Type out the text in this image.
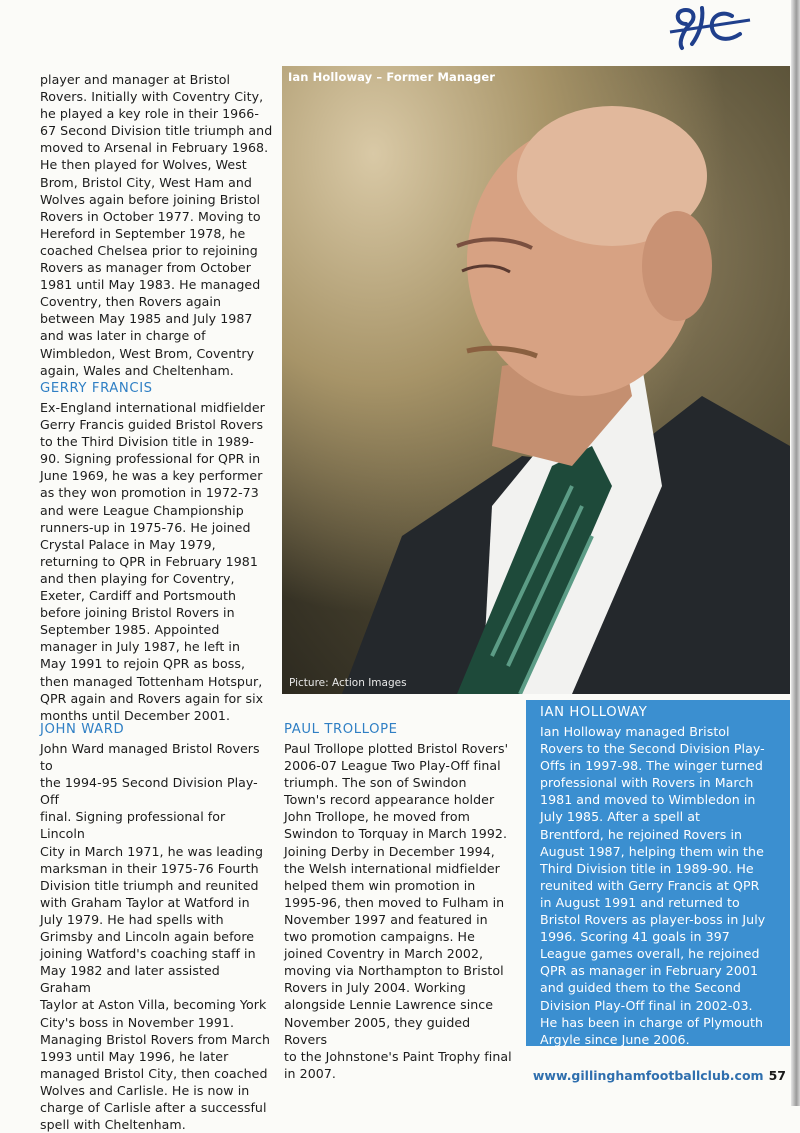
player and manager at Bristol
Rovers. Initially with Coventry City,
he played a key role in their 1966-
67 Second Division title triumph and
moved to Arsenal in February 1968.
He then played for Wolves, West
Brom, Bristol City, West Ham and
Wolves again before joining Bristol
Rovers in October 1977. Moving to
Hereford in September 1978, he
coached Chelsea prior to rejoining
Rovers as manager from October
1981 until May 1983. He managed
Coventry, then Rovers again
between May 1985 and July 1987
and was later in charge of
Wimbledon, West Brom, Coventry
again, Wales and Cheltenham.

GERRY FRANCIS

Ex-England international midfielder
Gerry Francis guided Bristol Rovers
to the Third Division title in 1989-
90. Signing professional for QPR in
June 1969, he was a key performer
as they won promotion in 1972-73
and were League Championship
runners-up in 1975-76. He joined
Crystal Palace in May 1979,
returning to QPR in February 1981
and then playing for Coventry,
Exeter, Cardiff and Portsmouth
before joining Bristol Rovers in
September 1985. Appointed
manager in July 1987, he left in
May 1991 to rejoin QPR as boss,
then managed Tottenham Hotspur,
QPR again and Rovers again for six
months until December 2001.

Ian Holloway – Former Manager
Picture: Action Images
JOHN WARD

John Ward managed Bristol Rovers to
the 1994-95 Second Division Play-Off
final. Signing professional for Lincoln
City in March 1971, he was leading
marksman in their 1975-76 Fourth
Division title triumph and reunited
with Graham Taylor at Watford in
July 1979. He had spells with
Grimsby and Lincoln again before
joining Watford's coaching staff in
May 1982 and later assisted Graham
Taylor at Aston Villa, becoming York
City's boss in November 1991.
Managing Bristol Rovers from March
1993 until May 1996, he later
managed Bristol City, then coached
Wolves and Carlisle. He is now in
charge of Carlisle after a successful
spell with Cheltenham.

PAUL TROLLOPE

Paul Trollope plotted Bristol Rovers'
2006-07 League Two Play-Off final
triumph. The son of Swindon
Town's record appearance holder
John Trollope, he moved from
Swindon to Torquay in March 1992.
Joining Derby in December 1994,
the Welsh international midfielder
helped them win promotion in
1995-96, then moved to Fulham in
November 1997 and featured in
two promotion campaigns. He
joined Coventry in March 2002,
moving via Northampton to Bristol
Rovers in July 2004. Working
alongside Lennie Lawrence since
November 2005, they guided Rovers
to the Johnstone's Paint Trophy final
in 2007.

IAN HOLLOWAY

Ian Holloway managed Bristol
Rovers to the Second Division Play-
Offs in 1997-98. The winger turned
professional with Rovers in March
1981 and moved to Wimbledon in
July 1985. After a spell at
Brentford, he rejoined Rovers in
August 1987, helping them win the
Third Division title in 1989-90. He
reunited with Gerry Francis at QPR
in August 1991 and returned to
Bristol Rovers as player-boss in July
1996. Scoring 41 goals in 397
League games overall, he rejoined
QPR as manager in February 2001
and guided them to the Second
Division Play-Off final in 2002-03.
He has been in charge of Plymouth
Argyle since June 2006.

www.gillinghamfootballclub.com 57
